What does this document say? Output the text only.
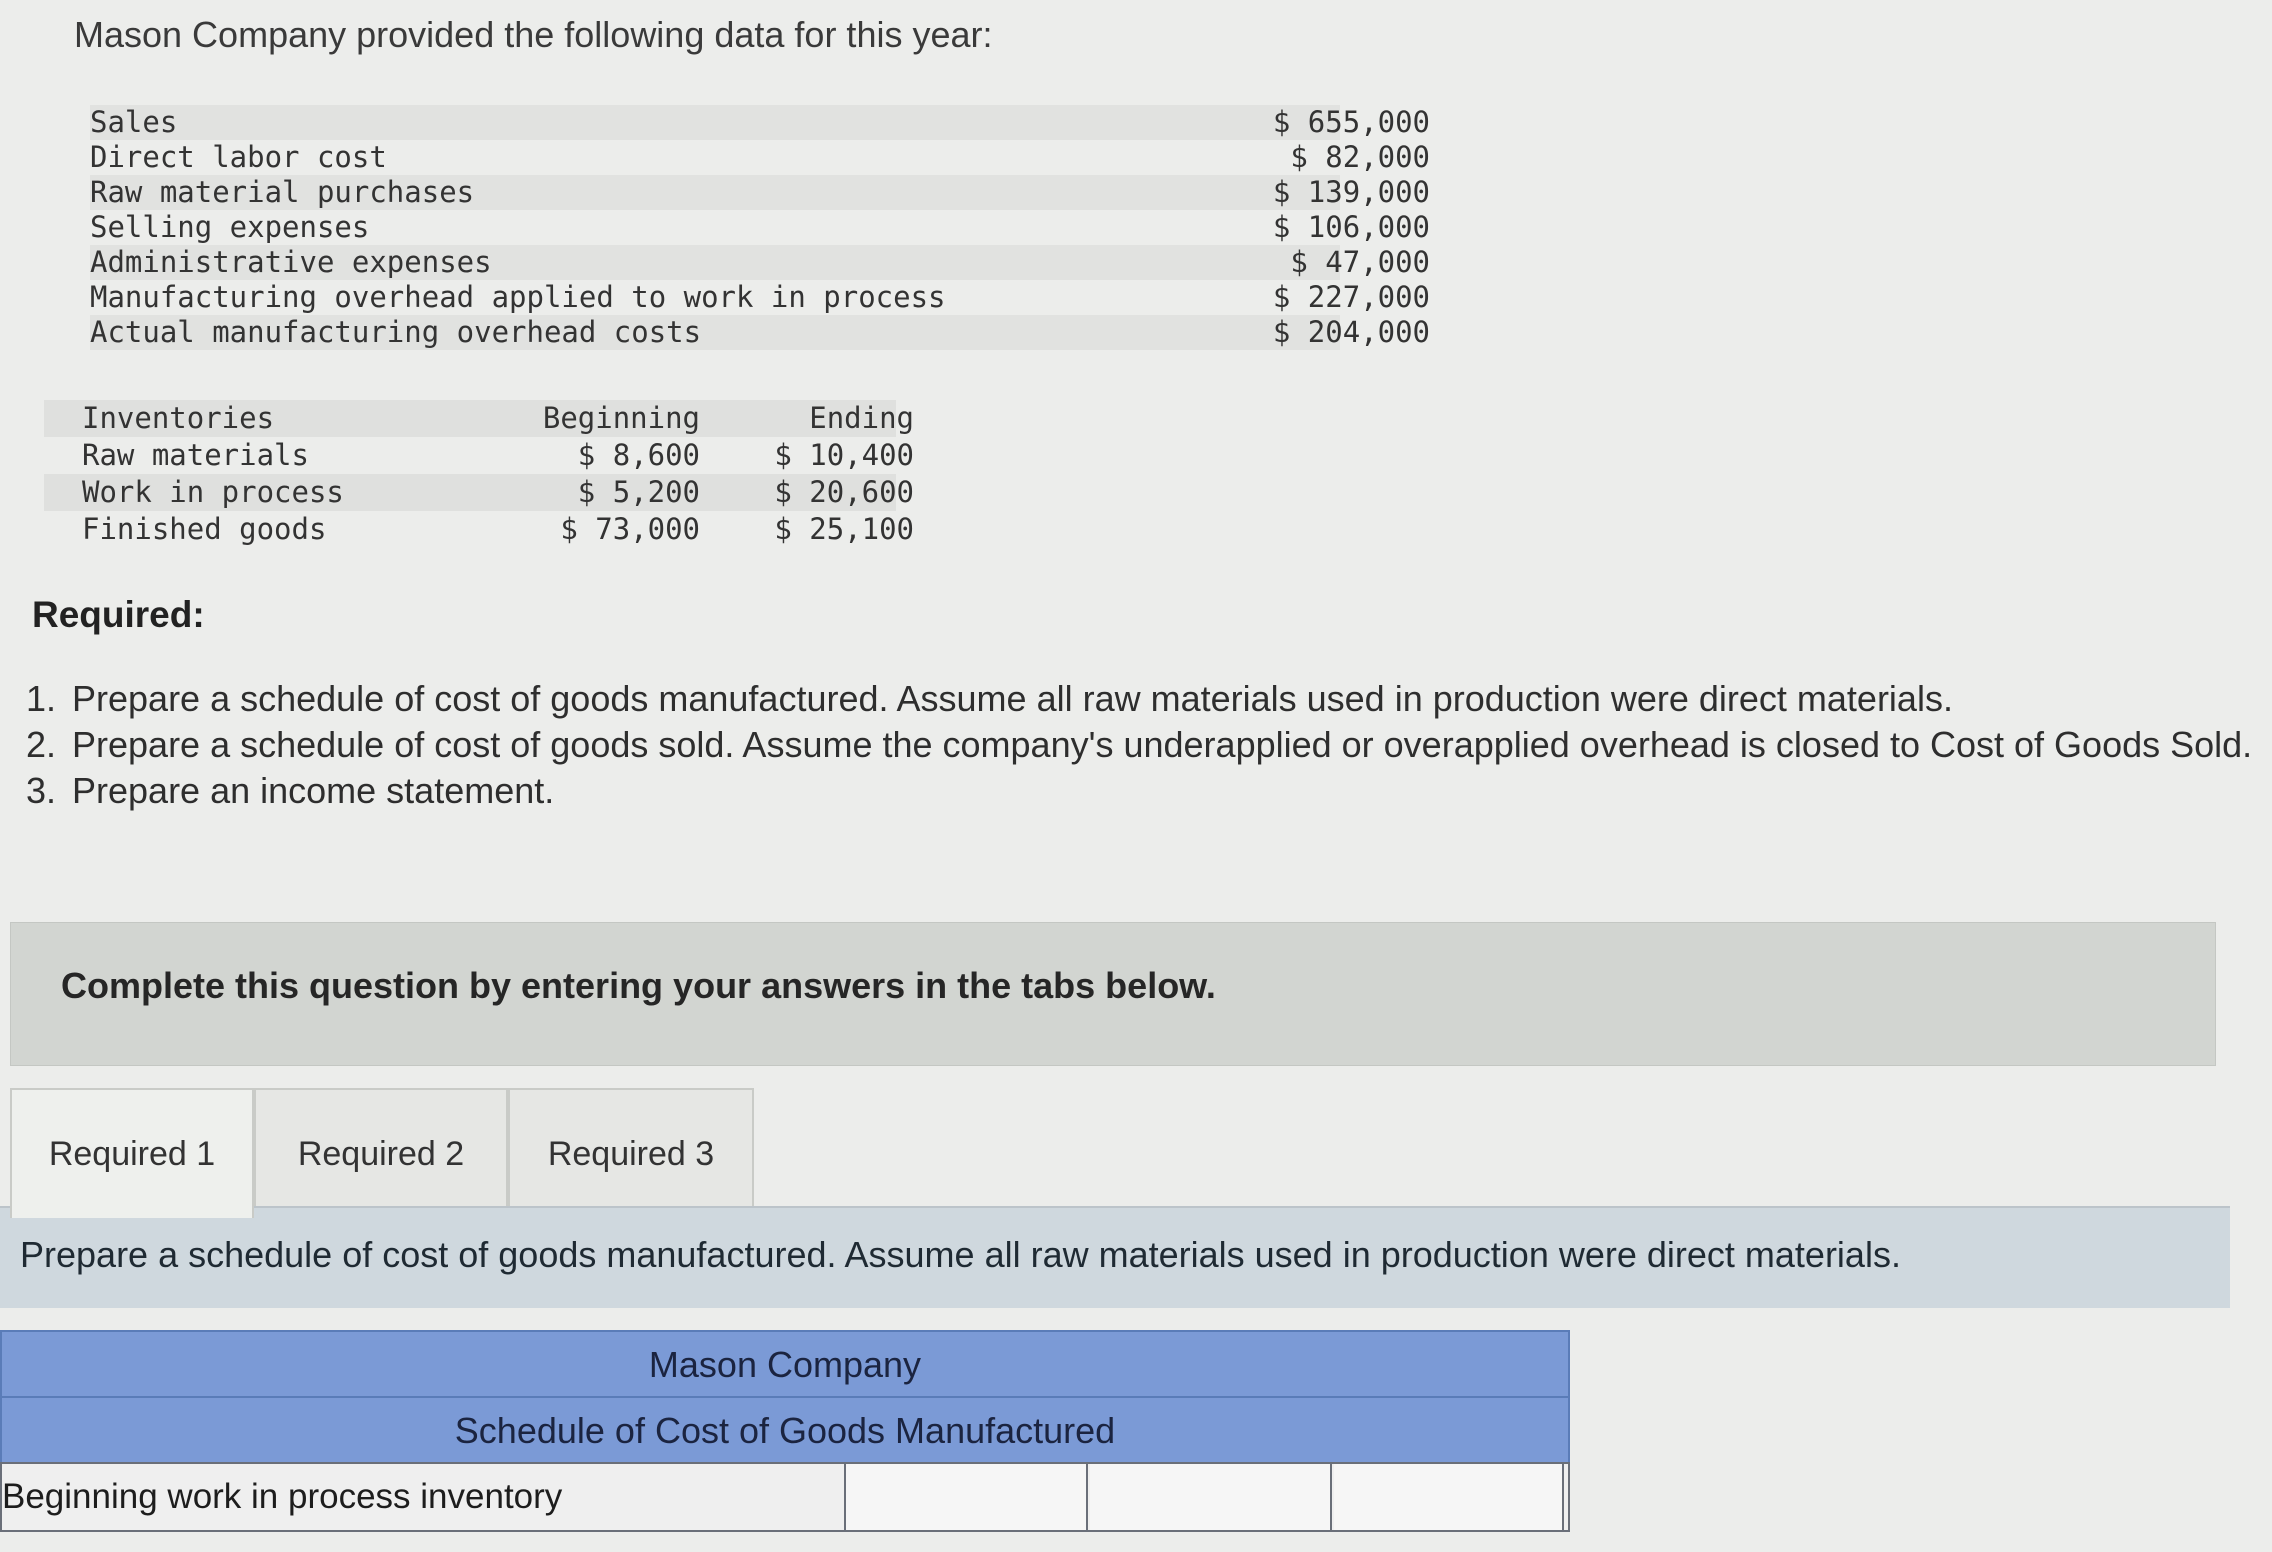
Mason Company provided the following data for this year:
Sales	$ 655,000
Direct labor cost	$ 82,000
Raw material purchases	$ 139,000
Selling expenses	$ 106,000
Administrative expenses	$ 47,000
Manufacturing overhead applied to work in process	$ 227,000
Actual manufacturing overhead costs	$ 204,000
Inventories	Beginning	Ending
Raw materials	$ 8,600	$ 10,400
Work in process	$ 5,200	$ 20,600
Finished goods	$ 73,000	$ 25,100
Required:
1. Prepare a schedule of cost of goods manufactured. Assume all raw materials used in production were direct materials.
2. Prepare a schedule of cost of goods sold. Assume the company's underapplied or overapplied overhead is closed to Cost of Goods Sold.
3. Prepare an income statement.
Complete this question by entering your answers in the tabs below.
Required 1	Required 2	Required 3
Prepare a schedule of cost of goods manufactured. Assume all raw materials used in production were direct materials.
Mason Company
Schedule of Cost of Goods Manufactured
Beginning work in process inventory
